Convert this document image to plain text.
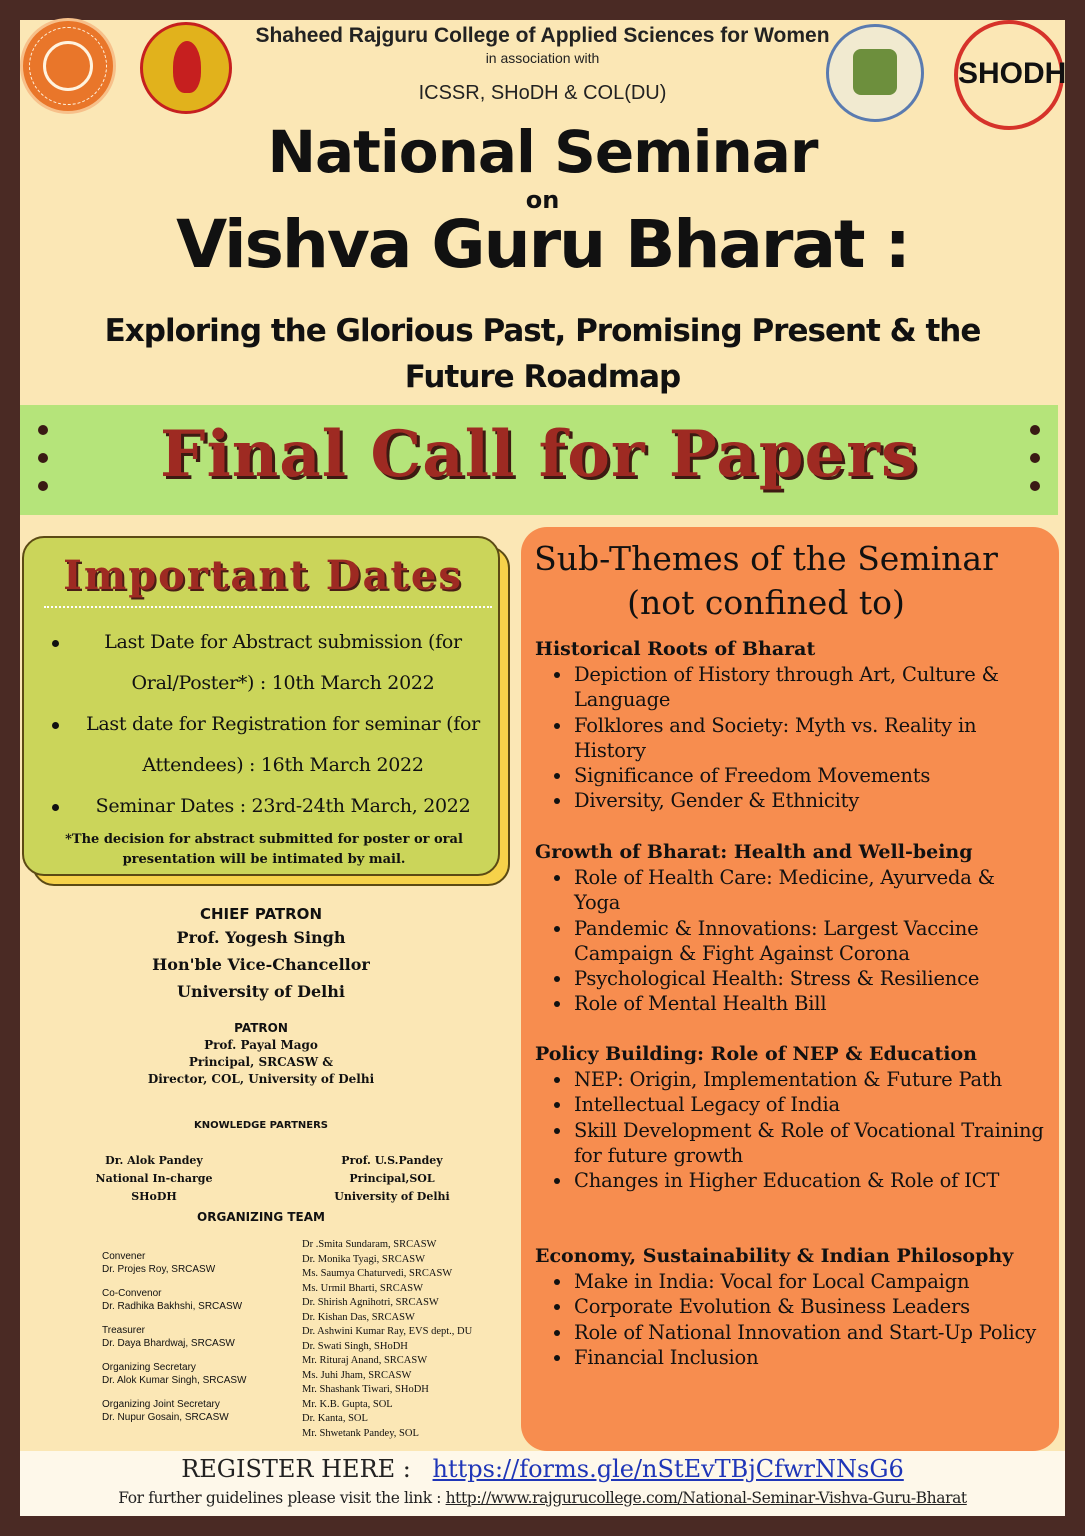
SHODH
Shaheed Rajguru College of Applied Sciences for Women
in association with
ICSSR, SHoDH & COL(DU)
National Seminar
on
Vishva Guru Bharat :
Exploring the Glorious Past, Promising Present & the Future Roadmap
Final Call for Papers
Important Dates
Last Date for Abstract submission (for Oral/Poster*) : 10th March 2022
Last date for Registration for seminar (for Attendees) : 16th March 2022
Seminar Dates : 23rd-24th March, 2022
*The decision for abstract submitted for poster or oral presentation will be intimated by mail.
CHIEF PATRON
Prof. Yogesh Singh
Hon'ble Vice-Chancellor
University of Delhi
PATRON
Prof. Payal Mago
Principal, SRCASW &
Director, COL, University of Delhi
KNOWLEDGE PARTNERS
Dr. Alok Pandey
National In-charge
SHoDH
Prof. U.S.Pandey
Principal,SOL
University of Delhi
ORGANIZING TEAM
Convener
Dr. Projes Roy, SRCASW
Co-Convenor
Dr. Radhika Bakhshi, SRCASW
Treasurer
Dr. Daya Bhardwaj, SRCASW
Organizing Secretary
Dr. Alok Kumar Singh, SRCASW
Organizing Joint Secretary
Dr. Nupur Gosain, SRCASW
Dr .Smita Sundaram, SRCASW
Dr. Monika Tyagi, SRCASW
Ms. Saumya Chaturvedi, SRCASW
Ms. Urmil Bharti, SRCASW
Dr. Shirish Agnihotri, SRCASW
Dr. Kishan Das, SRCASW
Dr. Ashwini Kumar Ray, EVS dept., DU
Dr. Swati Singh, SHoDH
Mr. Rituraj Anand, SRCASW
Ms. Juhi Jham, SRCASW
Mr. Shashank Tiwari, SHoDH
Mr. K.B. Gupta, SOL
Dr. Kanta, SOL
Mr. Shwetank Pandey, SOL
Sub-Themes of the Seminar (not confined to)
Historical Roots of Bharat
Depiction of History through Art, Culture & Language
Folklores and Society: Myth vs. Reality in History
Significance of Freedom Movements
Diversity, Gender & Ethnicity
Growth of Bharat: Health and Well-being
Role of Health Care: Medicine, Ayurveda & Yoga
Pandemic & Innovations: Largest Vaccine Campaign & Fight Against Corona
Psychological Health: Stress & Resilience
Role of Mental Health Bill
Policy Building: Role of NEP & Education
NEP: Origin, Implementation & Future Path
Intellectual Legacy of India
Skill Development & Role of Vocational Training for future growth
Changes in Higher Education & Role of ICT
Economy, Sustainability & Indian Philosophy
Make in India: Vocal for Local Campaign
Corporate Evolution & Business Leaders
Role of National Innovation and Start-Up Policy
Financial Inclusion
REGISTER HERE : https://forms.gle/nStEvTBjCfwrNNsG6
For further guidelines please visit the link : http://www.rajgurucollege.com/National-Seminar-Vishva-Guru-Bharat
